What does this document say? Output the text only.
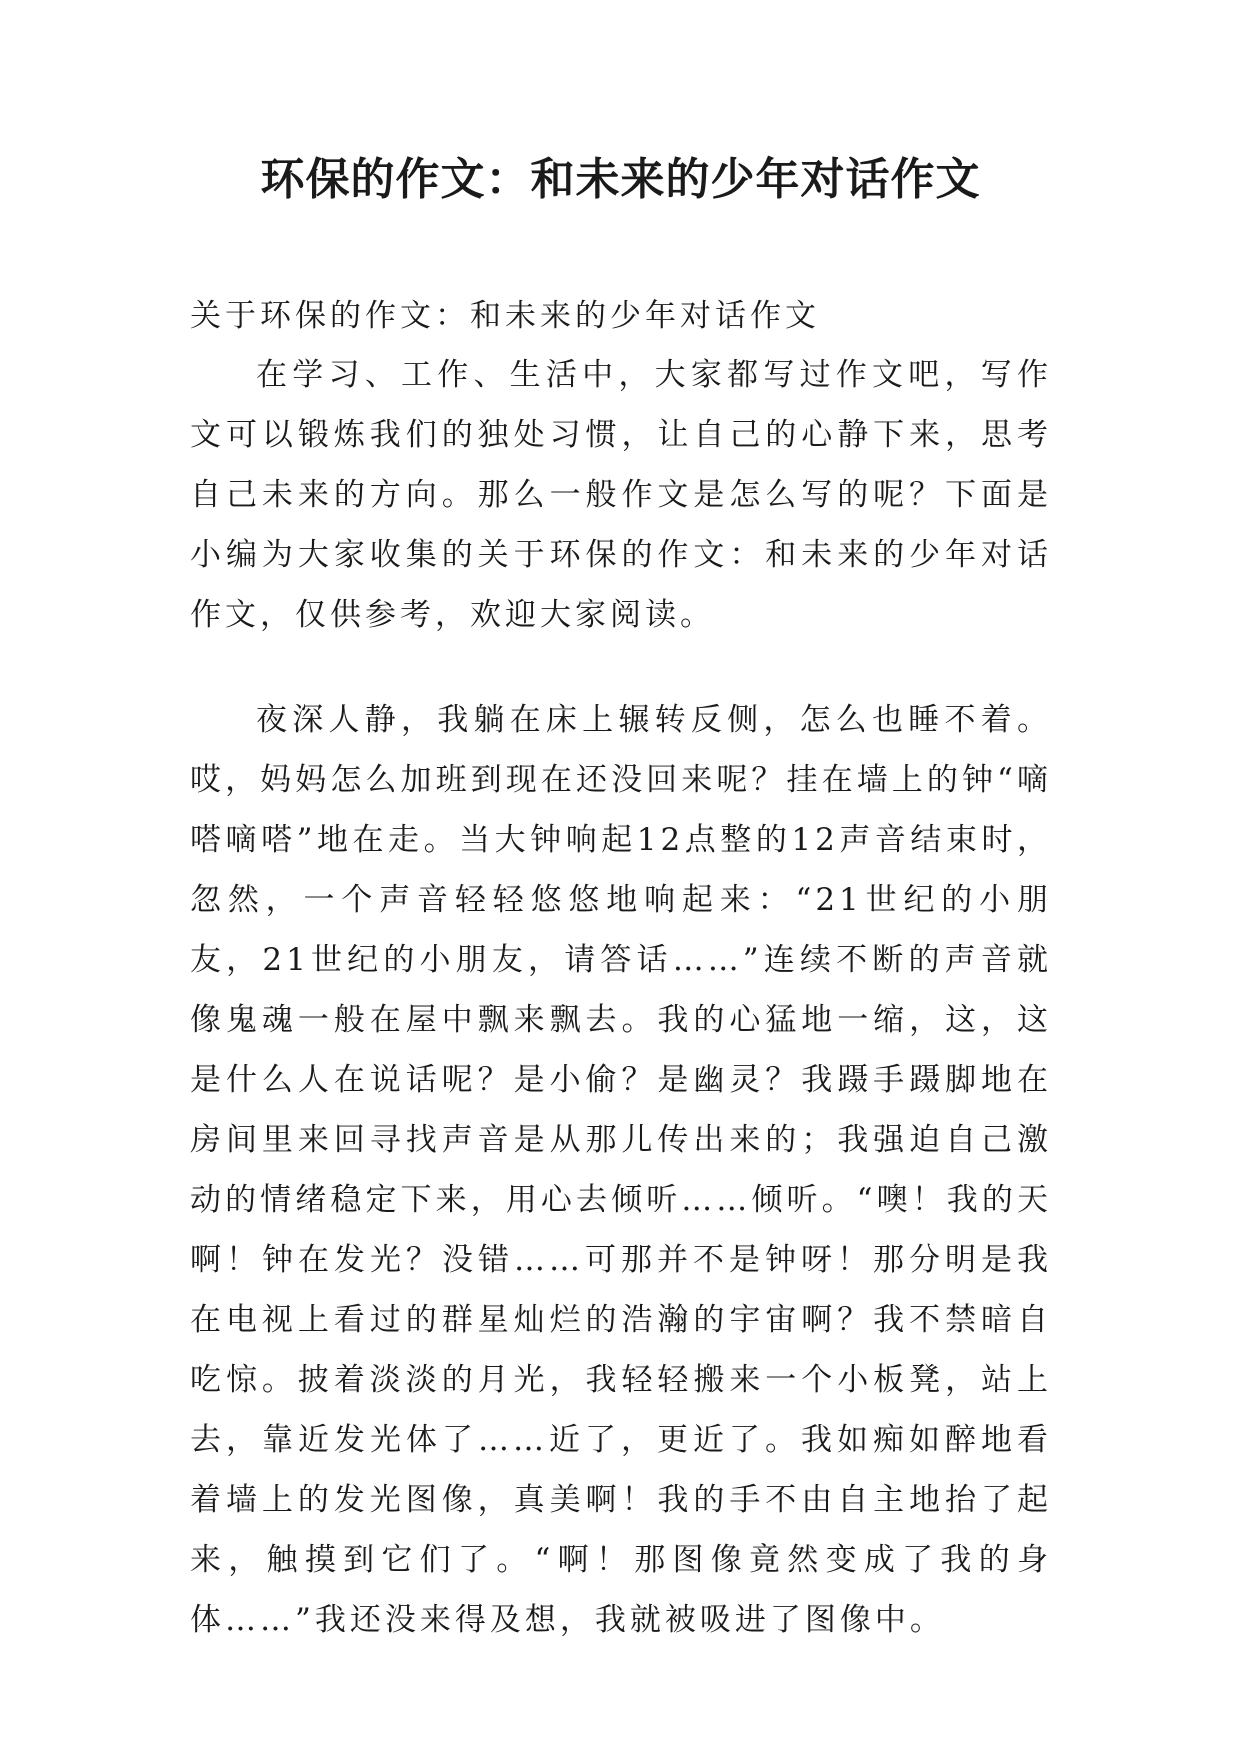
环保的作文：和未来的少年对话作文

关于环保的作文：和未来的少年对话作文

在学习、工作、生活中，大家都写过作文吧，写作文可以锻炼我们的独处习惯，让自己的心静下来，思考自己未来的方向。那么一般作文是怎么写的呢？下面是小编为大家收集的关于环保的作文：和未来的少年对话作文，仅供参考，欢迎大家阅读。

夜深人静，我躺在床上辗转反侧，怎么也睡不着。哎，妈妈怎么加班到现在还没回来呢？挂在墙上的钟“嘀嗒嘀嗒”地在走。当大钟响起12点整的12声音结束时，忽然，一个声音轻轻悠悠地响起来：“21世纪的小朋友，21世纪的小朋友，请答话……”连续不断的声音就像鬼魂一般在屋中飘来飘去。我的心猛地一缩，这，这是什么人在说话呢？是小偷？是幽灵？我蹑手蹑脚地在房间里来回寻找声音是从那儿传出来的；我强迫自己激动的情绪稳定下来，用心去倾听……倾听。“噢！我的天啊！钟在发光？没错……可那并不是钟呀！那分明是我在电视上看过的群星灿烂的浩瀚的宇宙啊？我不禁暗自吃惊。披着淡淡的月光，我轻轻搬来一个小板凳，站上去，靠近发光体了……近了，更近了。我如痴如醉地看着墙上的发光图像，真美啊！我的手不由自主地抬了起来，触摸到它们了。“啊！那图像竟然变成了我的身体……”我还没来得及想，我就被吸进了图像中。
